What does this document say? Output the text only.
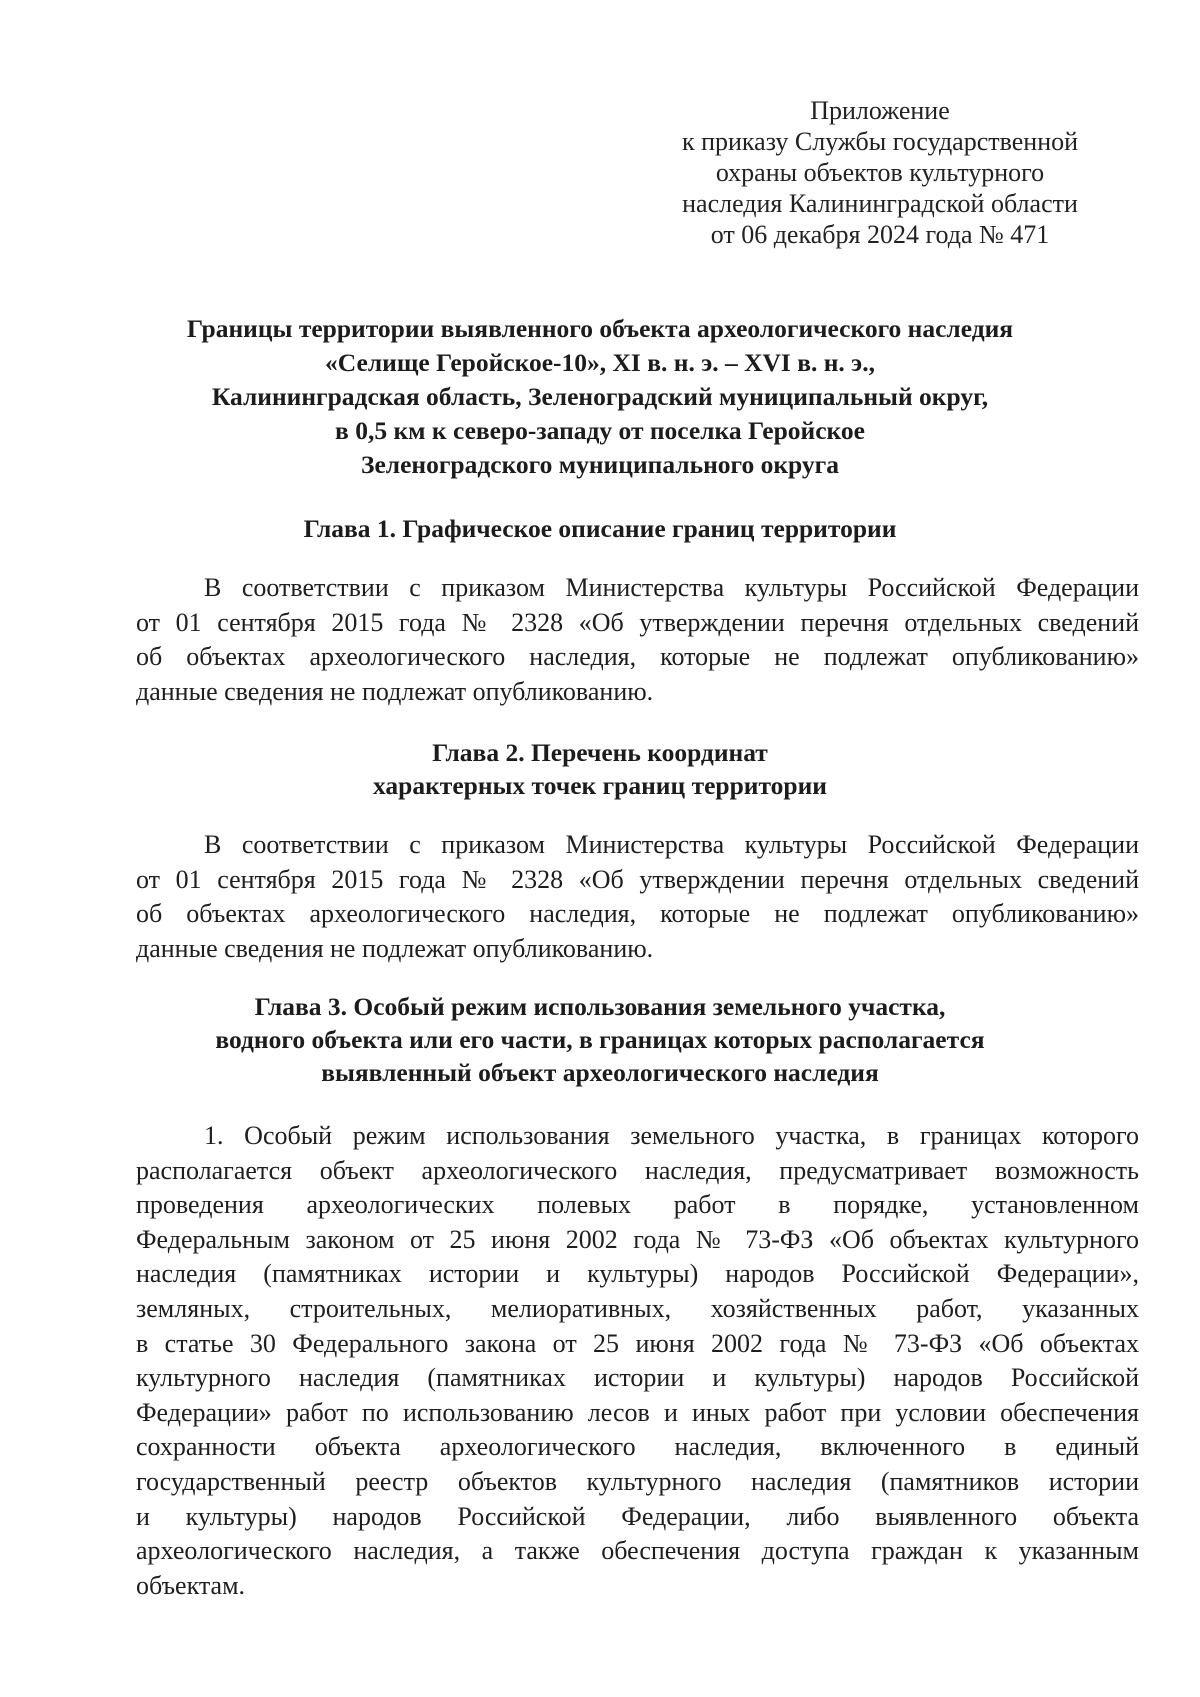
Приложение
к приказу Службы государственной
охраны объектов культурного
наследия Калининградской области
от 06 декабря 2024 года № 471
Границы территории выявленного объекта археологического наследия
«Селище Геройское-10», XI в. н. э. – XVI в. н. э.,
Калининградская область, Зеленоградский муниципальный округ,
в 0,5 км к северо-западу от поселка Геройское
Зеленоградского муниципального округа
Глава 1. Графическое описание границ территории
В соответствии с приказом Министерства культуры Российской Федерации
от 01 сентября 2015 года № 2328 «Об утверждении перечня отдельных сведений
об объектах археологического наследия, которые не подлежат опубликованию»
данные сведения не подлежат опубликованию.
Глава 2. Перечень координат
характерных точек границ территории
В соответствии с приказом Министерства культуры Российской Федерации
от 01 сентября 2015 года № 2328 «Об утверждении перечня отдельных сведений
об объектах археологического наследия, которые не подлежат опубликованию»
данные сведения не подлежат опубликованию.
Глава 3. Особый режим использования земельного участка,
водного объекта или его части, в границах которых располагается
выявленный объект археологического наследия
1. Особый режим использования земельного участка, в границах которого
располагается объект археологического наследия, предусматривает возможность
проведения археологических полевых работ в порядке, установленном
Федеральным законом от 25 июня 2002 года № 73-ФЗ «Об объектах культурного
наследия (памятниках истории и культуры) народов Российской Федерации»,
земляных, строительных, мелиоративных, хозяйственных работ, указанных
в статье 30 Федерального закона от 25 июня 2002 года № 73-ФЗ «Об объектах
культурного наследия (памятниках истории и культуры) народов Российской
Федерации» работ по использованию лесов и иных работ при условии обеспечения
сохранности объекта археологического наследия, включенного в единый
государственный реестр объектов культурного наследия (памятников истории
и культуры) народов Российской Федерации, либо выявленного объекта
археологического наследия, а также обеспечения доступа граждан к указанным
объектам.
